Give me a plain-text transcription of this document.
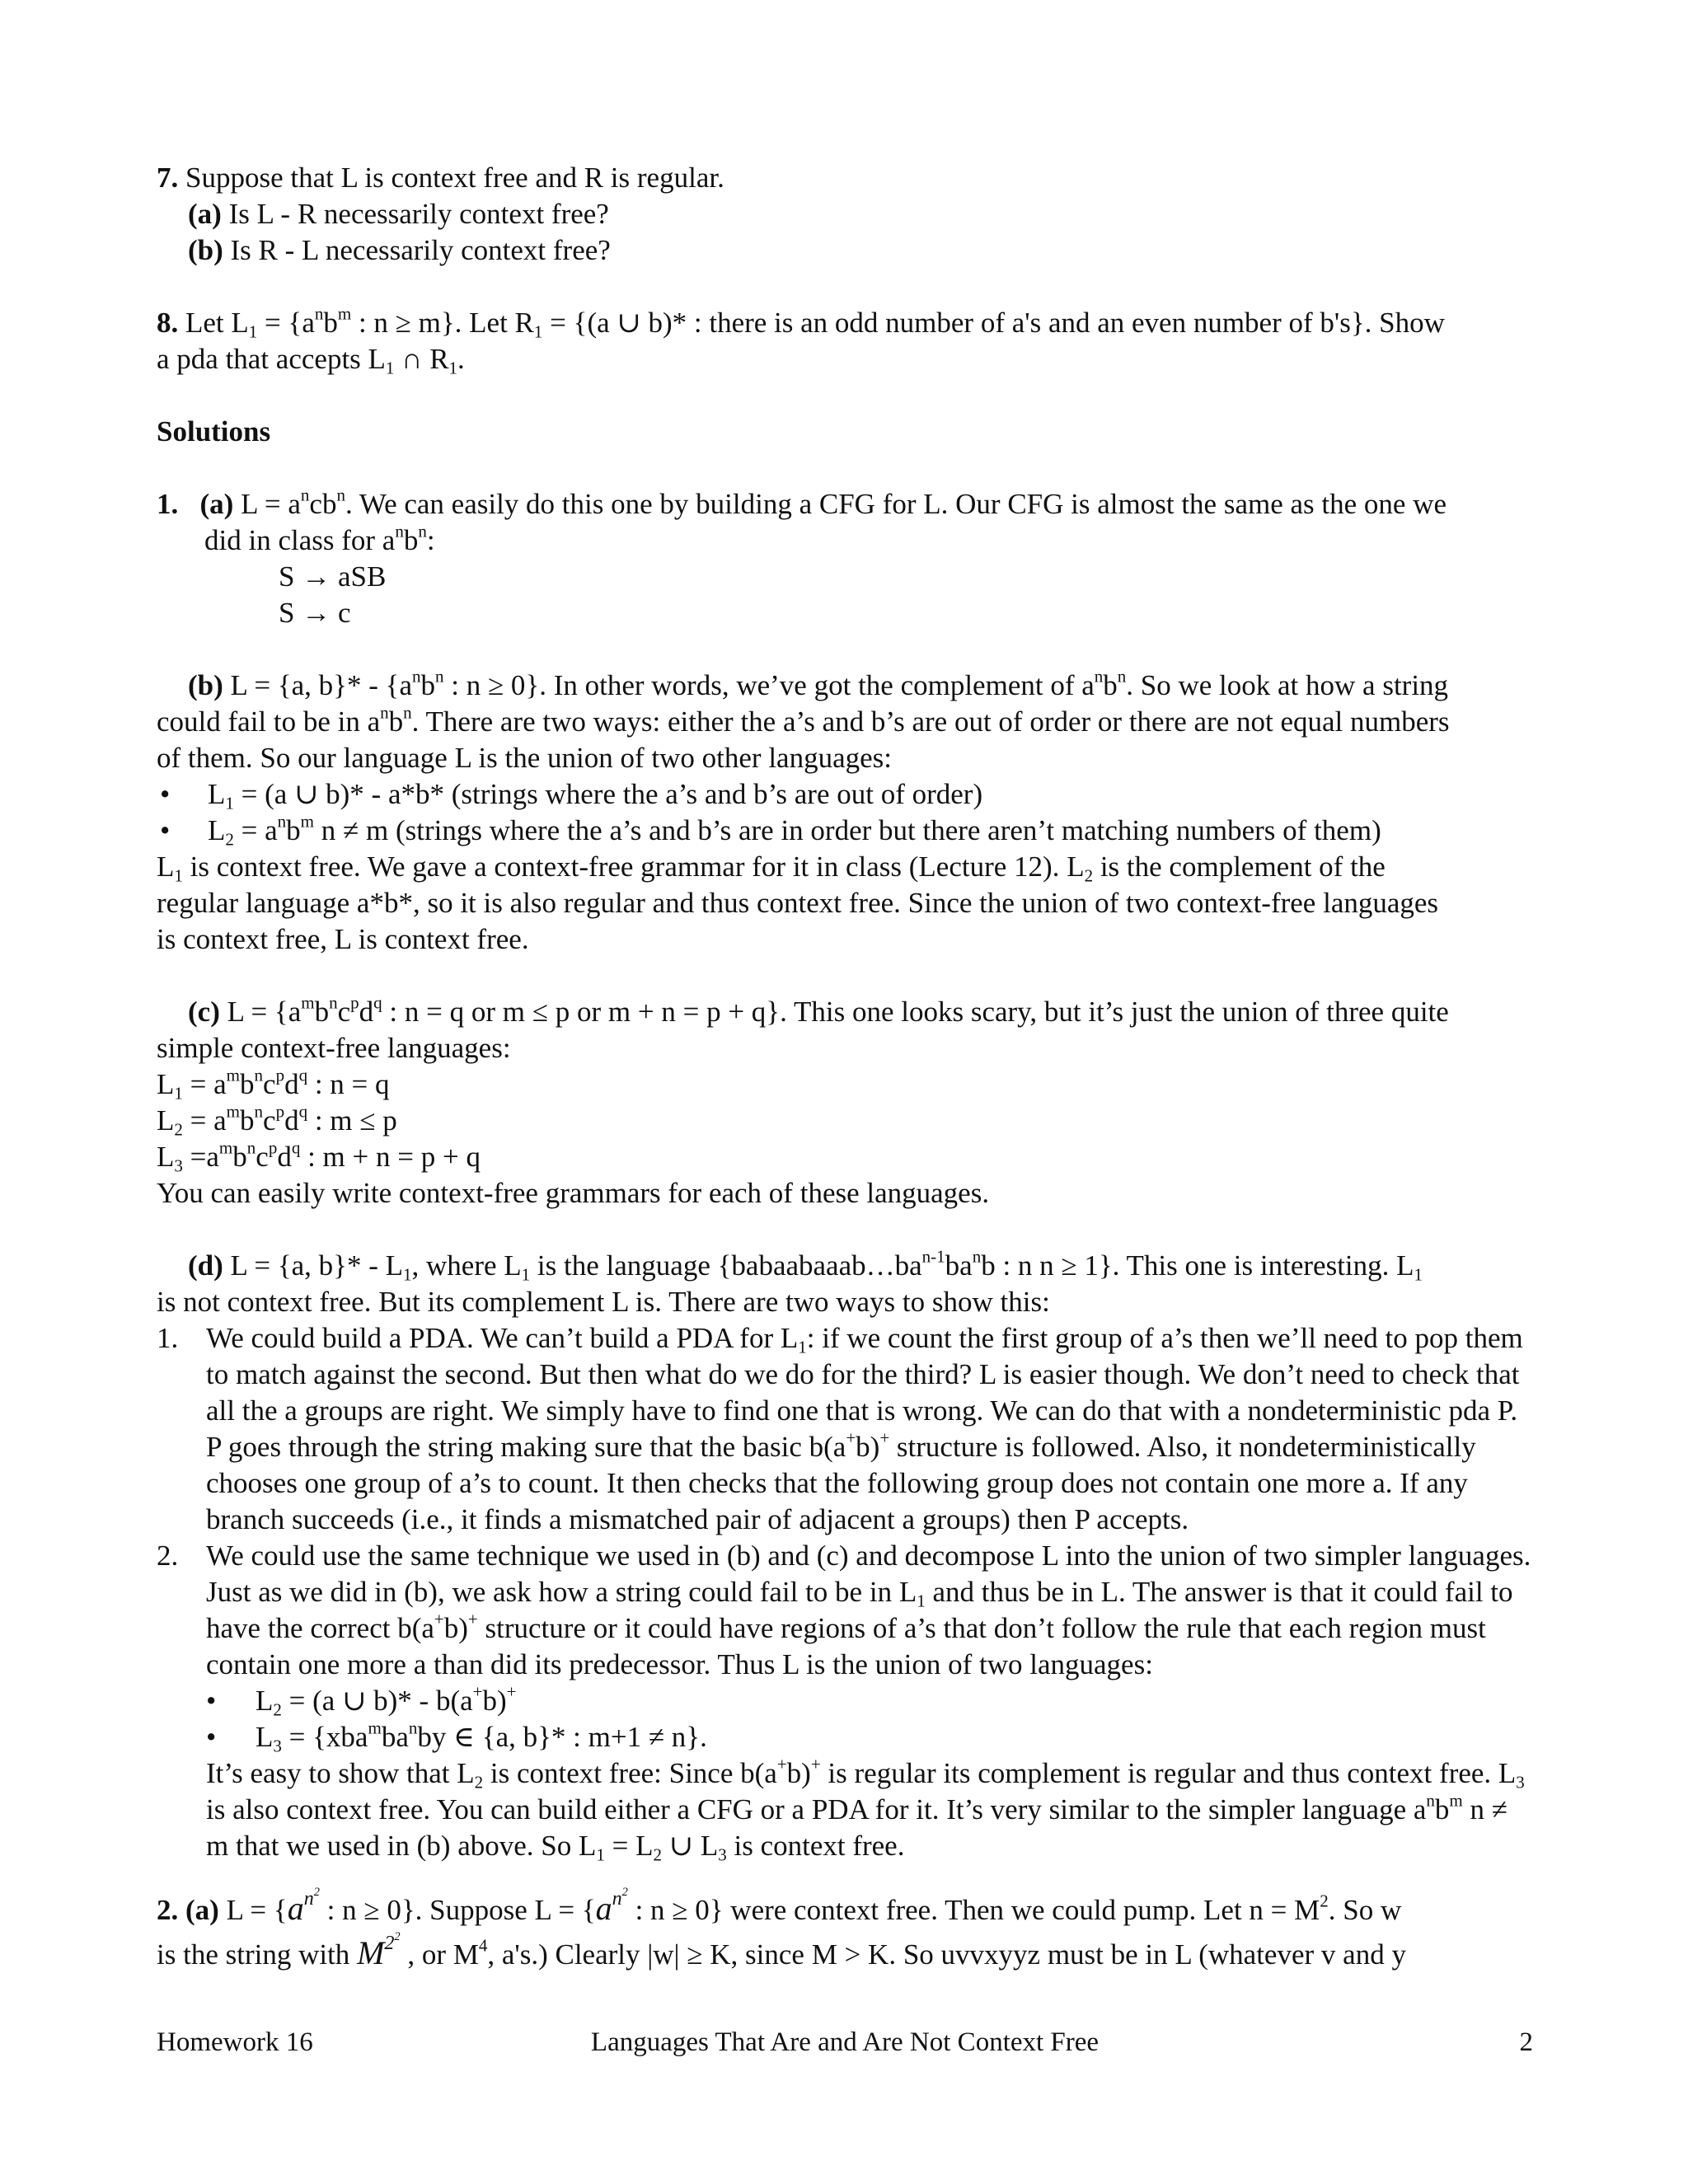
7. Suppose that L is context free and R is regular.

(a) Is L - R necessarily context free?

(b) Is R - L necessarily context free?

8. Let $L_1 = \{a^nb^m$ : n ≥ m}. Let $R_1 = \{(a$ ∪ b)* : there is an odd number of a's and an even number of b's}. Show

a pda that accepts $L_1$ ∩ $R_1$.

Solutions

1. (a) $L = a^ncb^n$. We can easily do this one by building a CFG for L. Our CFG is almost the same as the one we

did in class for $a^nb^n$:

S → aSB

S → c

(b) L = {a, $b\}* - \{a^nb^n$ : n ≥ 0}. In other words, we’ve got the complement of $a^nb^n$. So we look at how a string

could fail to be in $a^nb^n$. There are two ways: either the a’s and b’s are out of order or there are not equal numbers

of them. So our language L is the union of two other languages:

• $L_1 = (a$ ∪ b)* - a*b* (strings where the a’s and b’s are out of order)

• $L_2 = a^nb^m$ n ≠ m (strings where the a’s and b’s are in order but there aren’t matching numbers of them)

$L_1$ is context free. We gave a context-free grammar for it in class (Lecture 12). $L_2$ is the complement of the

regular language a*b*, so it is also regular and thus context free. Since the union of two context-free languages

is context free, L is context free.

(c) $L = \{a^mb^nc^pd^q$ : n = q or m ≤ p or m + n = p + q}. This one looks scary, but it’s just the union of three quite

simple context-free languages:

$L_1 = a^mb^nc^pd^q$ : n = q

$L_2 = a^mb^nc^pd^q$ : m ≤ p

$L_3 =a^mb^nc^pd^q$ : m + n = p + q

You can easily write context-free grammars for each of these languages.

(d) L = {a, $b\}* - L_1$, where $L_1$ is the language {$babaabaaab\dots ba^{n-1}ba^nb$ : n n ≥ 1}. This one is interesting. $L_1$

is not context free. But its complement L is. There are two ways to show this:

1. We could build a PDA. We can’t build a PDA for $L_1$: if we count the first group of a’s then we’ll need to pop them to match against the second. But then what do we do for the third? L is easier though. We don’t need to check that all the a groups are right. We simply have to find one that is wrong. We can do that with a nondeterministic pda P. P goes through the string making sure that the basic b(a+b)+ structure is followed. Also, it nondeterministically chooses one group of a’s to count. It then checks that the following group does not contain one more a. If any branch succeeds (i.e., it finds a mismatched pair of adjacent a groups) then P accepts.
2. We could use the same technique we used in (b) and (c) and decompose L into the union of two simpler languages. Just as we did in (b), we ask how a string could fail to be in $L_1$ and thus be in L. The answer is that it could fail to have the correct b(a+b)+ structure or it could have regions of a’s that don’t follow the rule that each region must contain one more a than did its predecessor. Thus L is the union of two languages:

• $L_2 = (a$ ∪ b)* - b(a+b)+

• $L_3 = \{xba^mba^nby$ ∈ {a, b}* : m+1 ≠ n}.

It’s easy to show that $L_2$ is context free: Since b(a+b)+ is regular its complement is regular and thus context free. $L_3$ is also context free. You can build either a CFG or a PDA for it. It’s very similar to the simpler language $a^nb^m$ n ≠ m that we used in (b) above. So $L_1 = L_2$ ∪ $L_3$ is context free.

2. (a) $L = \{a^{n^2}$ : n ≥ 0}. Suppose $L = \{a^{n^2}$ : n ≥ 0} were context free. Then we could pump. Let $n = M^2$. So w

is the string with $M^{2^2}$ , or $M^4$, a's.) Clearly |w| ≥ K, since M > K. So uvvxyyz must be in L (whatever v and y

Homework 16	Languages That Are and Are Not Context Free	2
